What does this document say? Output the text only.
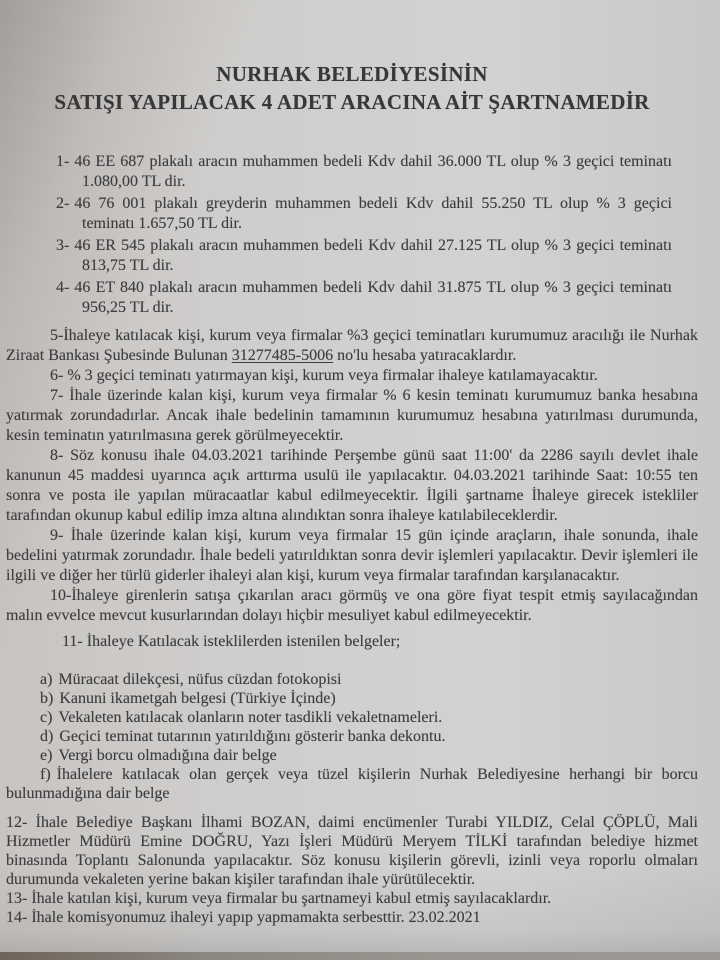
NURHAK BELEDİYESİNİN
SATIŞI YAPILACAK 4 ADET ARACINA AİT ŞARTNAMEDİR

1- 46 EE 687 plakalı aracın muhammen bedeli Kdv dahil 36.000 TL olup % 3 geçici teminatı 1.080,00 TL dir.

2- 46 76 001 plakalı greyderin muhammen bedeli Kdv dahil 55.250 TL olup % 3 geçici teminatı 1.657,50 TL dir.

3- 46 ER 545 plakalı aracın muhammen bedeli Kdv dahil 27.125 TL olup % 3 geçici teminatı 813,75 TL dir.

4- 46 ET 840 plakalı aracın muhammen bedeli Kdv dahil 31.875 TL olup % 3 geçici teminatı 956,25 TL dir.

5-İhaleye katılacak kişi, kurum veya firmalar %3 geçici teminatları kurumumuz aracılığı ile Nurhak Ziraat Bankası Şubesinde Bulunan 31277485-5006 no'lu hesaba yatıracaklardır.

6- % 3 geçici teminatı yatırmayan kişi, kurum veya firmalar ihaleye katılamayacaktır.

7- İhale üzerinde kalan kişi, kurum veya firmalar % 6 kesin teminatı kurumumuz banka hesabına yatırmak zorundadırlar. Ancak ihale bedelinin tamamının kurumumuz hesabına yatırılması durumunda, kesin teminatın yatırılmasına gerek görülmeyecektir.

8- Söz konusu ihale 04.03.2021 tarihinde Perşembe günü saat 11:00' da 2286 sayılı devlet ihale kanunun 45 maddesi uyarınca açık arttırma usulü ile yapılacaktır. 04.03.2021 tarihinde Saat: 10:55 ten sonra ve posta ile yapılan müracaatlar kabul edilmeyecektir. İlgili şartname İhaleye girecek istekliler tarafından okunup kabul edilip imza altına alındıktan sonra ihaleye katılabileceklerdir.

9- İhale üzerinde kalan kişi, kurum veya firmalar 15 gün içinde araçların, ihale sonunda, ihale bedelini yatırmak zorundadır. İhale bedeli yatırıldıktan sonra devir işlemleri yapılacaktır. Devir işlemleri ile ilgili ve diğer her türlü giderler ihaleyi alan kişi, kurum veya firmalar tarafından karşılanacaktır.

10-İhaleye girenlerin satışa çıkarılan aracı görmüş ve ona göre fiyat tespit etmiş sayılacağından malın evvelce mevcut kusurlarından dolayı hiçbir mesuliyet kabul edilmeyecektir.

11- İhaleye Katılacak isteklilerden istenilen belgeler;

a) Müracaat dilekçesi, nüfus cüzdan fotokopisi

b) Kanuni ikametgah belgesi (Türkiye İçinde)

c) Vekaleten katılacak olanların noter tasdikli vekaletnameleri.

d) Geçici teminat tutarının yatırıldığını gösterir banka dekontu.

e) Vergi borcu olmadığına dair belge

f) İhalelere katılacak olan gerçek veya tüzel kişilerin Nurhak Belediyesine herhangi bir borcu bulunmadığına dair belge

12- İhale Belediye Başkanı İlhami BOZAN, daimi encümenler Turabi YILDIZ, Celal ÇÖPLÜ, Mali Hizmetler Müdürü Emine DOĞRU, Yazı İşleri Müdürü Meryem TİLKİ tarafından belediye hizmet binasında Toplantı Salonunda yapılacaktır. Söz konusu kişilerin görevli, izinli veya roporlu olmaları durumunda vekaleten yerine bakan kişiler tarafından ihale yürütülecektir.

13- İhale katılan kişi, kurum veya firmalar bu şartnameyi kabul etmiş sayılacaklardır.

14- İhale komisyonumuz ihaleyi yapıp yapmamakta serbesttir. 23.02.2021
